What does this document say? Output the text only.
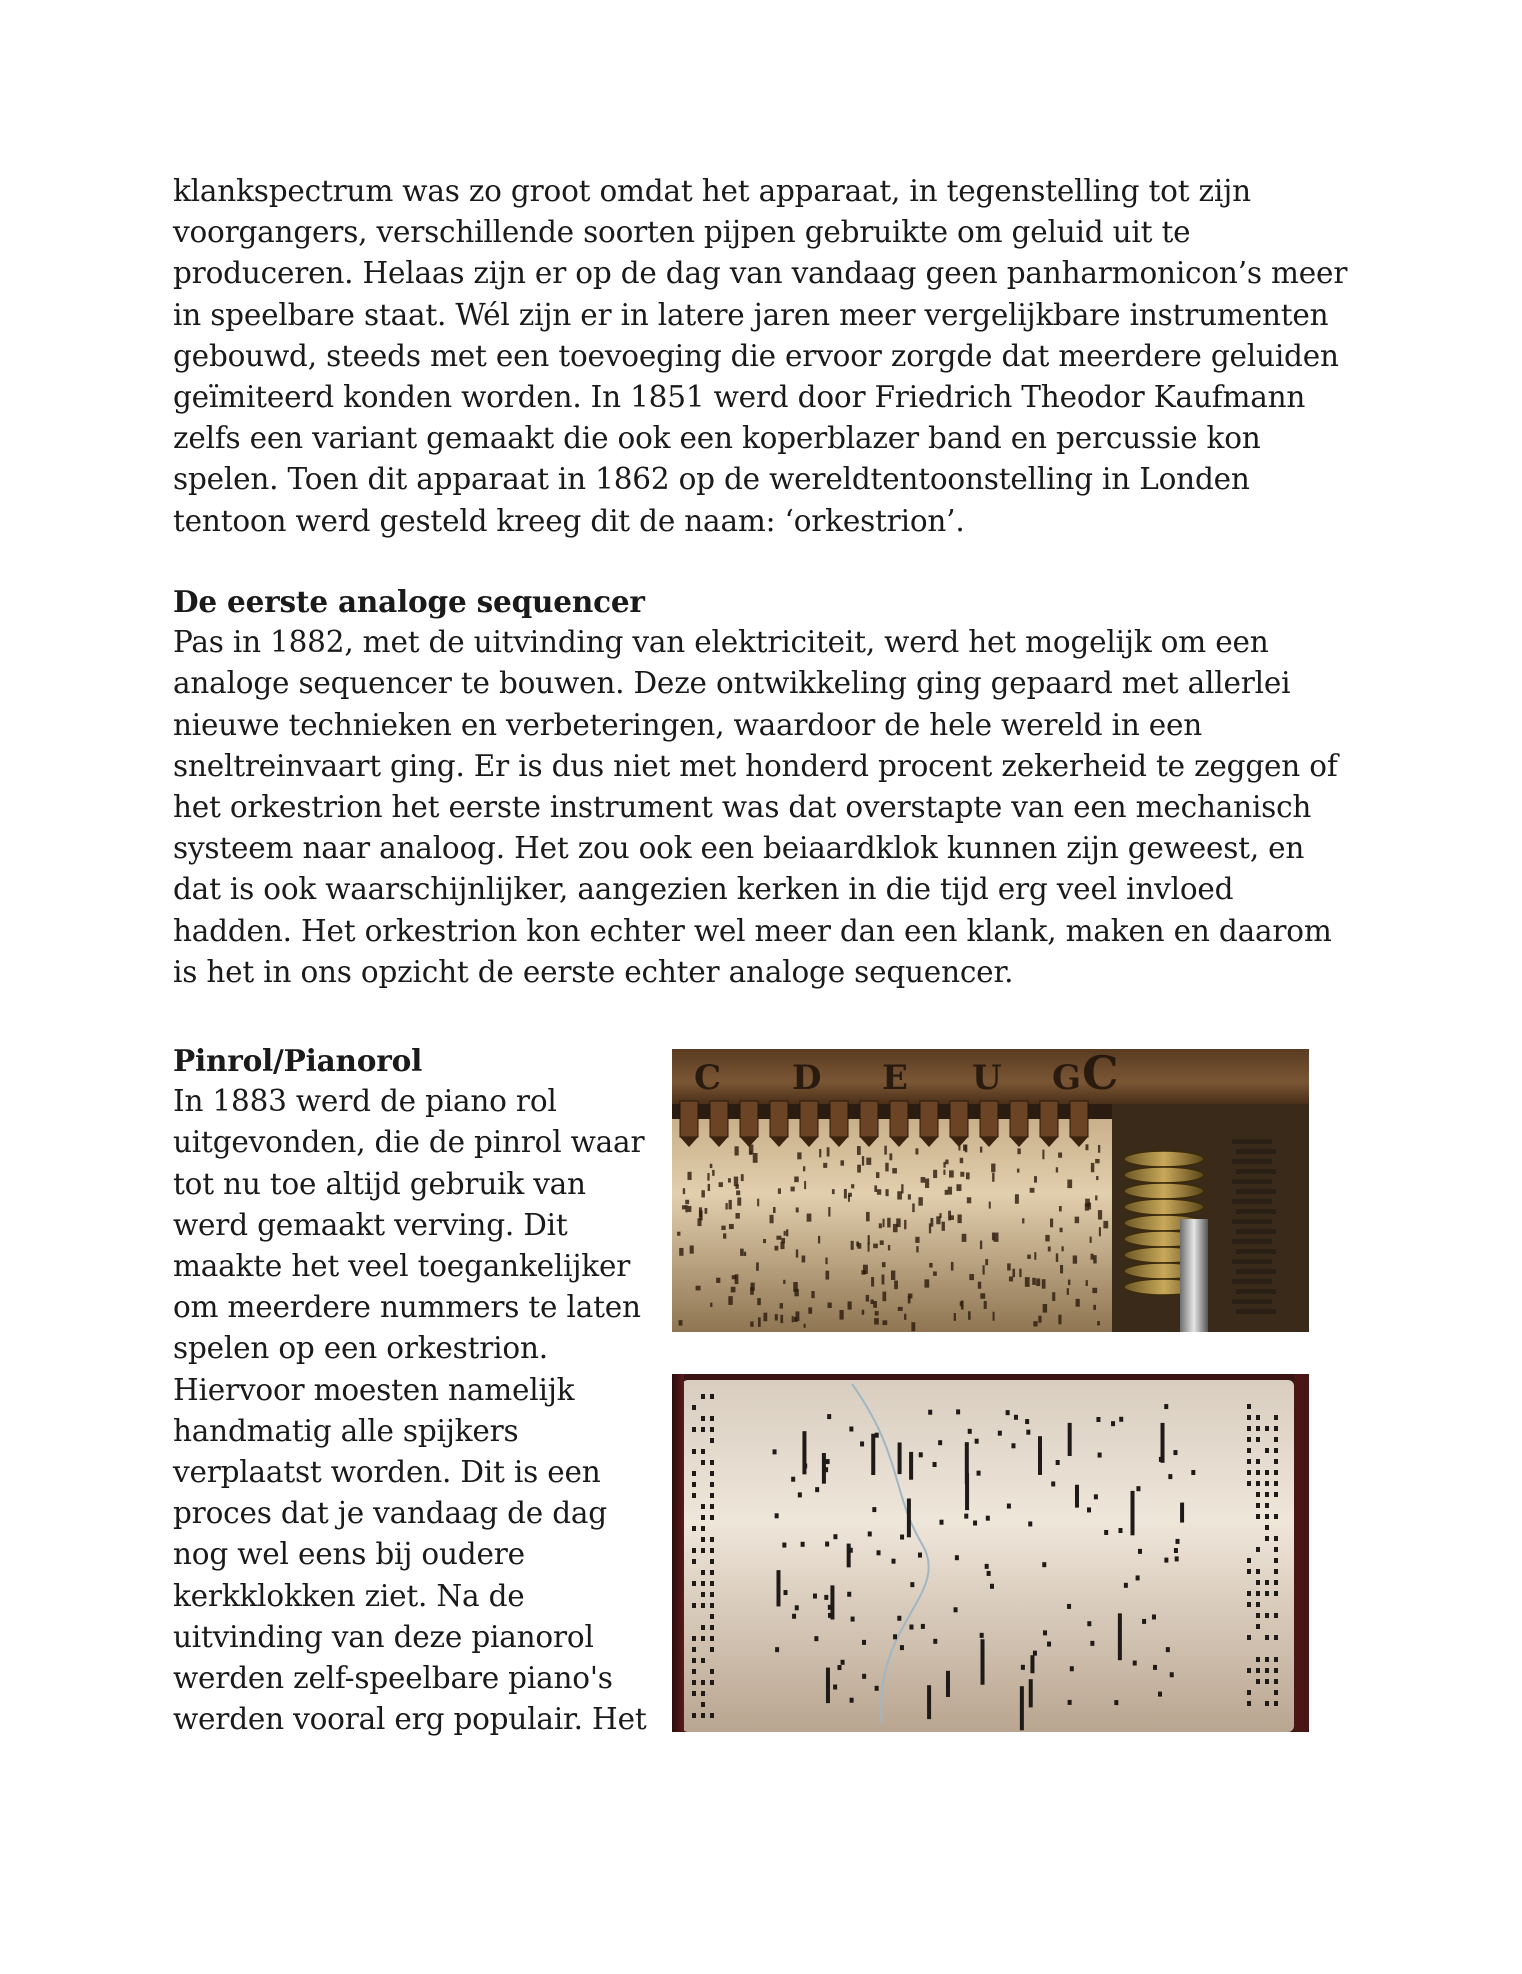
klankspectrum was zo groot omdat het apparaat, in tegenstelling tot zijn
voorgangers, verschillende soorten pijpen gebruikte om geluid uit te
produceren. Helaas zijn er op de dag van vandaag geen panharmonicon’s meer
in speelbare staat. Wél zijn er in latere jaren meer vergelijkbare instrumenten
gebouwd, steeds met een toevoeging die ervoor zorgde dat meerdere geluiden
geïmiteerd konden worden. In 1851 werd door Friedrich Theodor Kaufmann
zelfs een variant gemaakt die ook een koperblazer band en percussie kon
spelen. Toen dit apparaat in 1862 op de wereldtentoonstelling in Londen
tentoon werd gesteld kreeg dit de naam: ‘orkestrion’.
De eerste analoge sequencer
Pas in 1882, met de uitvinding van elektriciteit, werd het mogelijk om een
analoge sequencer te bouwen. Deze ontwikkeling ging gepaard met allerlei
nieuwe technieken en verbeteringen, waardoor de hele wereld in een
sneltreinvaart ging. Er is dus niet met honderd procent zekerheid te zeggen of
het orkestrion het eerste instrument was dat overstapte van een mechanisch
systeem naar analoog. Het zou ook een beiaardklok kunnen zijn geweest, en
dat is ook waarschijnlijker, aangezien kerken in die tijd erg veel invloed
hadden. Het orkestrion kon echter wel meer dan een klank, maken en daarom
is het in ons opzicht de eerste echter analoge sequencer.
Pinrol/Pianorol
In 1883 werd de piano rol
uitgevonden, die de pinrol waar
tot nu toe altijd gebruik van
werd gemaakt verving. Dit
maakte het veel toegankelijker
om meerdere nummers te laten
spelen op een orkestrion.
Hiervoor moesten namelijk
handmatig alle spijkers
verplaatst worden. Dit is een
proces dat je vandaag de dag
nog wel eens bij oudere
kerkklokken ziet. Na de
uitvinding van deze pianorol
werden zelf-speelbare piano's
werden vooral erg populair. Het
C D E U G C
